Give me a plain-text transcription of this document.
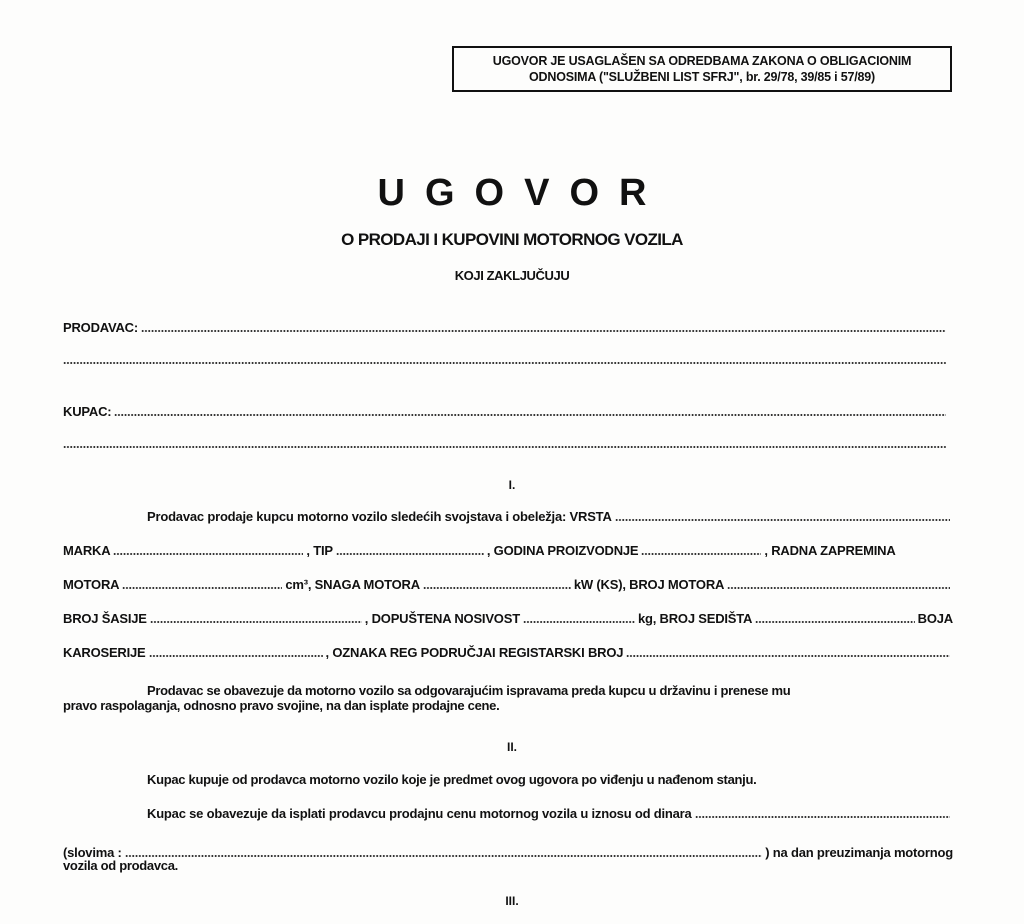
UGOVOR JE USAGLAŠEN SA ODREDBAMA ZAKONA O OBLIGACIONIM
ODNOSIMA ("SLUŽBENI LIST SFRJ", br. 29/78, 39/85 i 57/89)
UGOVOR
O PRODAJI I KUPOVINI MOTORNOG VOZILA
KOJI ZAKLJUČUJU
PRODAVAC:
KUPAC:
I.
Prodavac prodaje kupcu motorno vozilo sledećih svojstava i obeležja: VRSTA
MARKA	, TIP	, GODINA PROIZVODNJE	, RADNA ZAPREMINA
MOTORA	cm³, SNAGA MOTORA	kW (KS), BROJ MOTORA
BROJ ŠASIJE	, DOPUŠTENA NOSIVOST	kg, BROJ SEDIŠTA	BOJA
KAROSERIJE	, OZNAKA REG PODRUČJAI REGISTARSKI BROJ
Prodavac se obavezuje da motorno vozilo sa odgovarajućim ispravama preda kupcu u državinu i prenese mu
pravo raspolaganja, odnosno pravo svojine, na dan isplate prodajne cene.
II.
Kupac kupuje od prodavca motorno vozilo koje je predmet ovog ugovora po viđenju u nađenom stanju.
Kupac se obavezuje da isplati prodavcu prodajnu cenu motornog vozila u iznosu od dinara
(slovima :	) na dan preuzimanja motornog
vozila od prodavca.
III.
